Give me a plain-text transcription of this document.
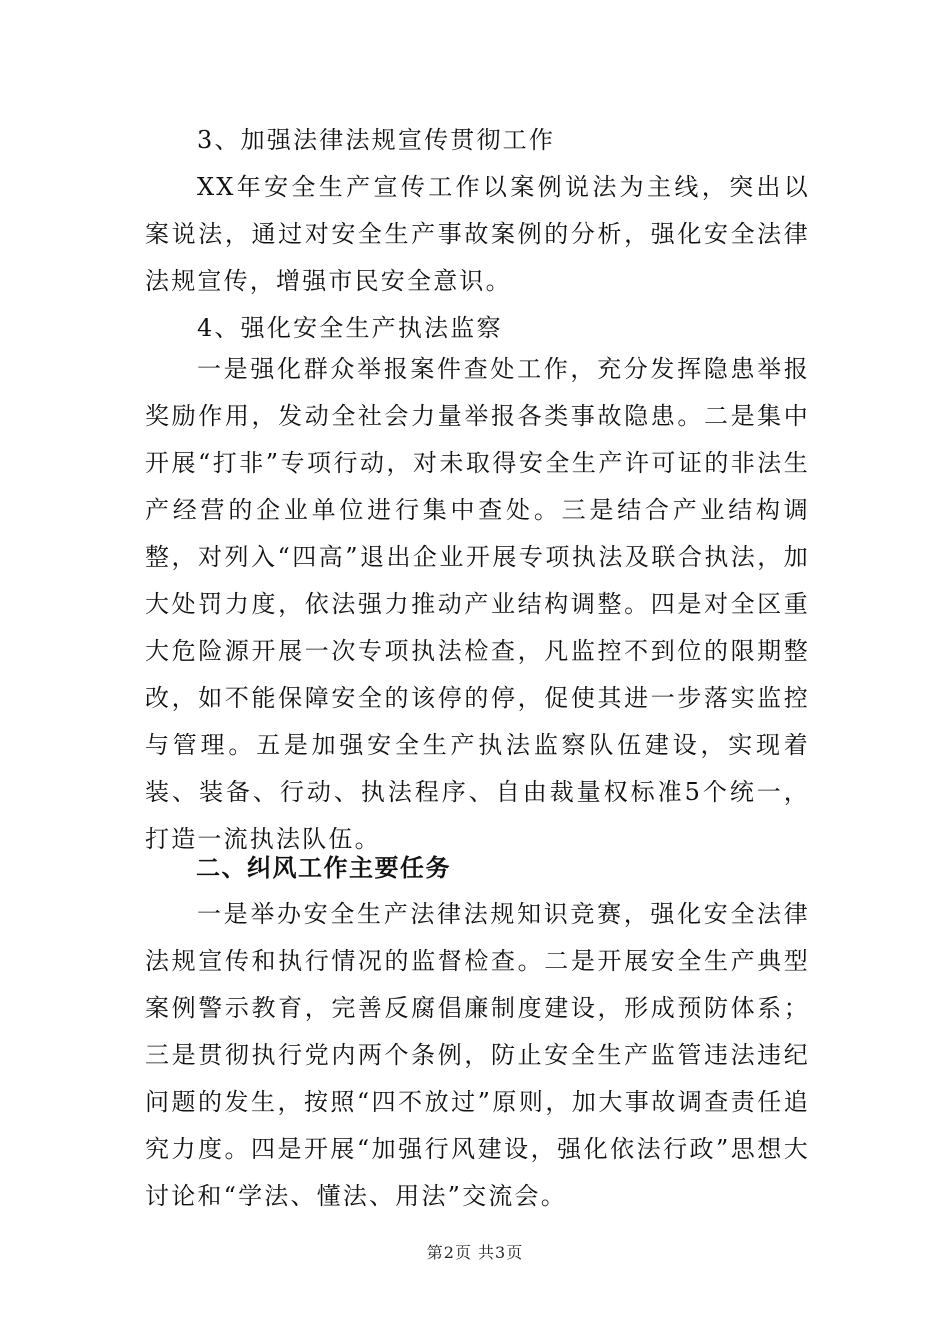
3、加强法律法规宣传贯彻工作

XX年安全生产宣传工作以案例说法为主线，突出以案说法，通过对安全生产事故案例的分析，强化安全法律法规宣传，增强市民安全意识。

4、强化安全生产执法监察

一是强化群众举报案件查处工作，充分发挥隐患举报奖励作用，发动全社会力量举报各类事故隐患。二是集中开展“打非”专项行动，对未取得安全生产许可证的非法生产经营的企业单位进行集中查处。三是结合产业结构调整，对列入“四高”退出企业开展专项执法及联合执法，加大处罚力度，依法强力推动产业结构调整。四是对全区重大危险源开展一次专项执法检查，凡监控不到位的限期整改，如不能保障安全的该停的停，促使其进一步落实监控与管理。五是加强安全生产执法监察队伍建设，实现着装、装备、行动、执法程序、自由裁量权标准5个统一，打造一流执法队伍。

二、纠风工作主要任务

一是举办安全生产法律法规知识竞赛，强化安全法律法规宣传和执行情况的监督检查。二是开展安全生产典型案例警示教育，完善反腐倡廉制度建设，形成预防体系；三是贯彻执行党内两个条例，防止安全生产监管违法违纪问题的发生，按照“四不放过”原则，加大事故调查责任追究力度。四是开展“加强行风建设，强化依法行政”思想大讨论和“学法、懂法、用法”交流会。

第2页 共3页
